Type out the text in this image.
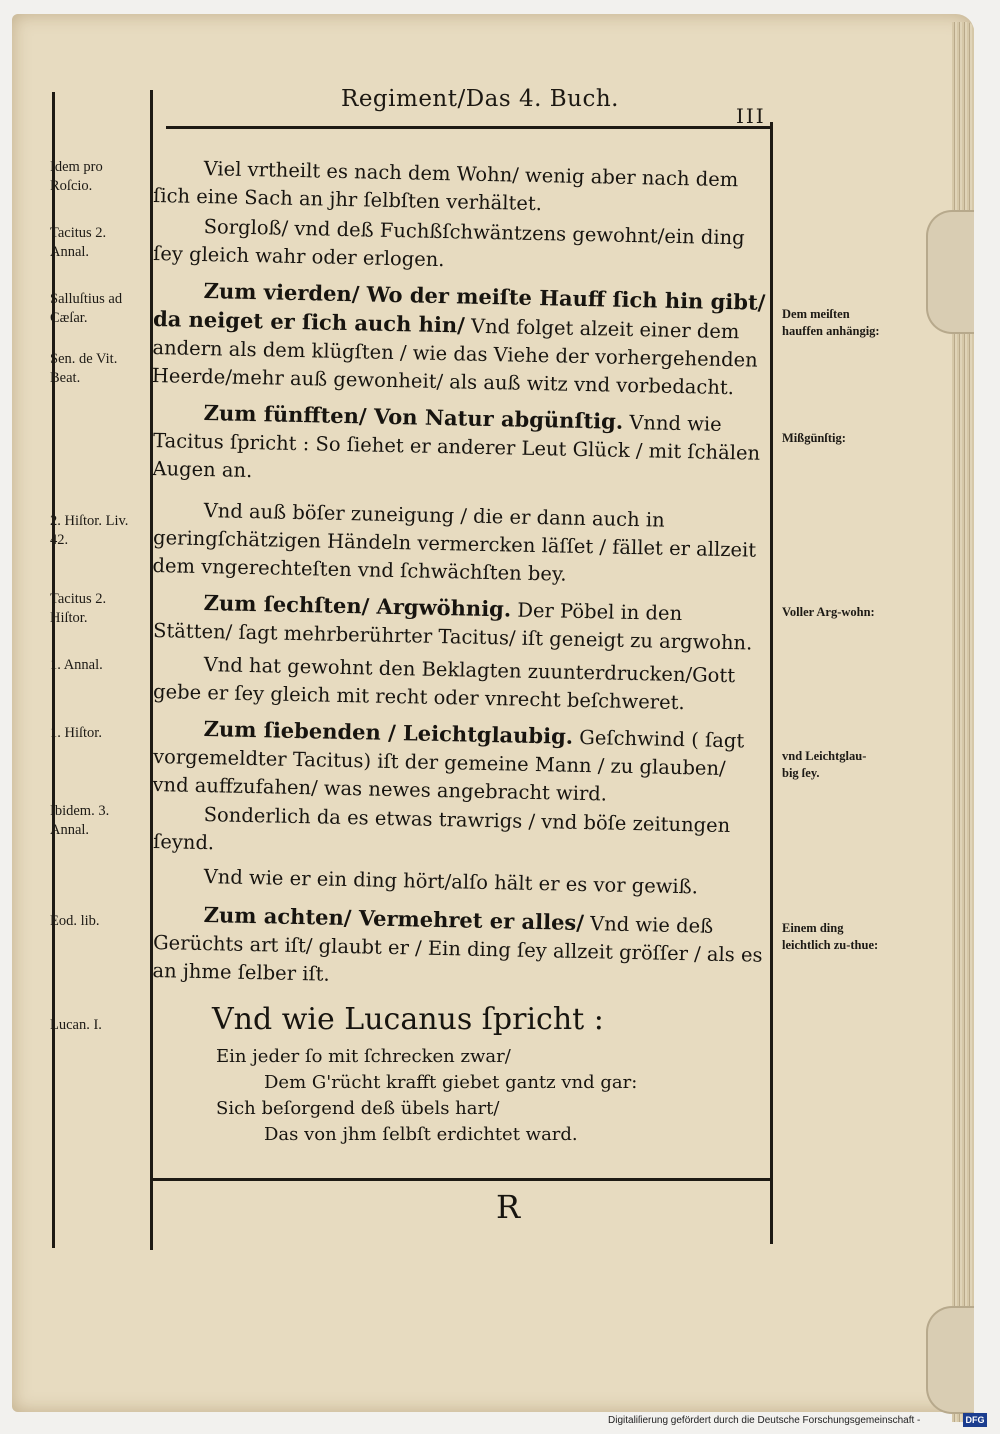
Regiment/Das 4. Buch.
III
Idem pro Roſcio.
Tacitus 2. Annal.
Salluſtius ad Cæſar.
Sen. de Vit. Beat.
2. Hiſtor. Liv. 42.
Tacitus 2. Hiſtor.
1. Annal.
1. Hiſtor.
Ibidem. 3. Annal.
Eod. lib.
Lucan. I.
Dem meiſten hauffen anhängig:
Mißgünſtig:
Voller Arg-wohn:
vnd Leichtglau-big ſey.
Einem ding leichtlich zu-thue:
Viel vrtheilt es nach dem Wohn/ wenig aber nach dem ſich eine Sach an jhr ſelbſten verhältet.
Sorgloß/ vnd deß Fuchßſchwäntzens gewohnt/ein ding ſey gleich wahr oder erlogen.
Zum vierden/ Wo der meiſte Hauff ſich hin gibt/ da neiget er ſich auch hin/ Vnd folget alzeit einer dem andern als dem klügſten / wie das Viehe der vorhergehenden Heerde/mehr auß gewonheit/ als auß witz vnd vorbedacht.
Zum fünfften/ Von Natur abgünſtig. Vnnd wie Tacitus ſpricht : So ſiehet er anderer Leut Glück / mit ſchälen Augen an.
Vnd auß böſer zuneigung / die er dann auch in geringſchätzigen Händeln vermercken läſſet / fället er allzeit dem vngerechteſten vnd ſchwächſten bey.
Zum ſechſten/ Argwöhnig. Der Pöbel in den Stätten/ ſagt mehrberührter Tacitus/ iſt geneigt zu argwohn.
Vnd hat gewohnt den Beklagten zuunterdrucken/Gott gebe er ſey gleich mit recht oder vnrecht beſchweret.
Zum ſiebenden / Leichtglaubig. Geſchwind ( ſagt vorgemeldter Tacitus) iſt der gemeine Mann / zu glauben/ vnd auffzufahen/ was newes angebracht wird.
Sonderlich da es etwas trawrigs / vnd böſe zeitungen ſeynd.
Vnd wie er ein ding hört/alſo hält er es vor gewiß.
Zum achten/ Vermehret er alles/ Vnd wie deß Gerüchts art iſt/ glaubt er / Ein ding ſey allzeit gröſſer / als es an jhme ſelber iſt.
Vnd wie Lucanus ſpricht :
Ein jeder ſo mit ſchrecken zwar/
Dem G'rücht krafft giebet gantz vnd gar:
Sich beſorgend deß übels hart/
Das von jhm ſelbſt erdichtet ward.
R
Digitaliſierung gefördert durch die Deutsche Forschungsgemeinschaft -	DFG
